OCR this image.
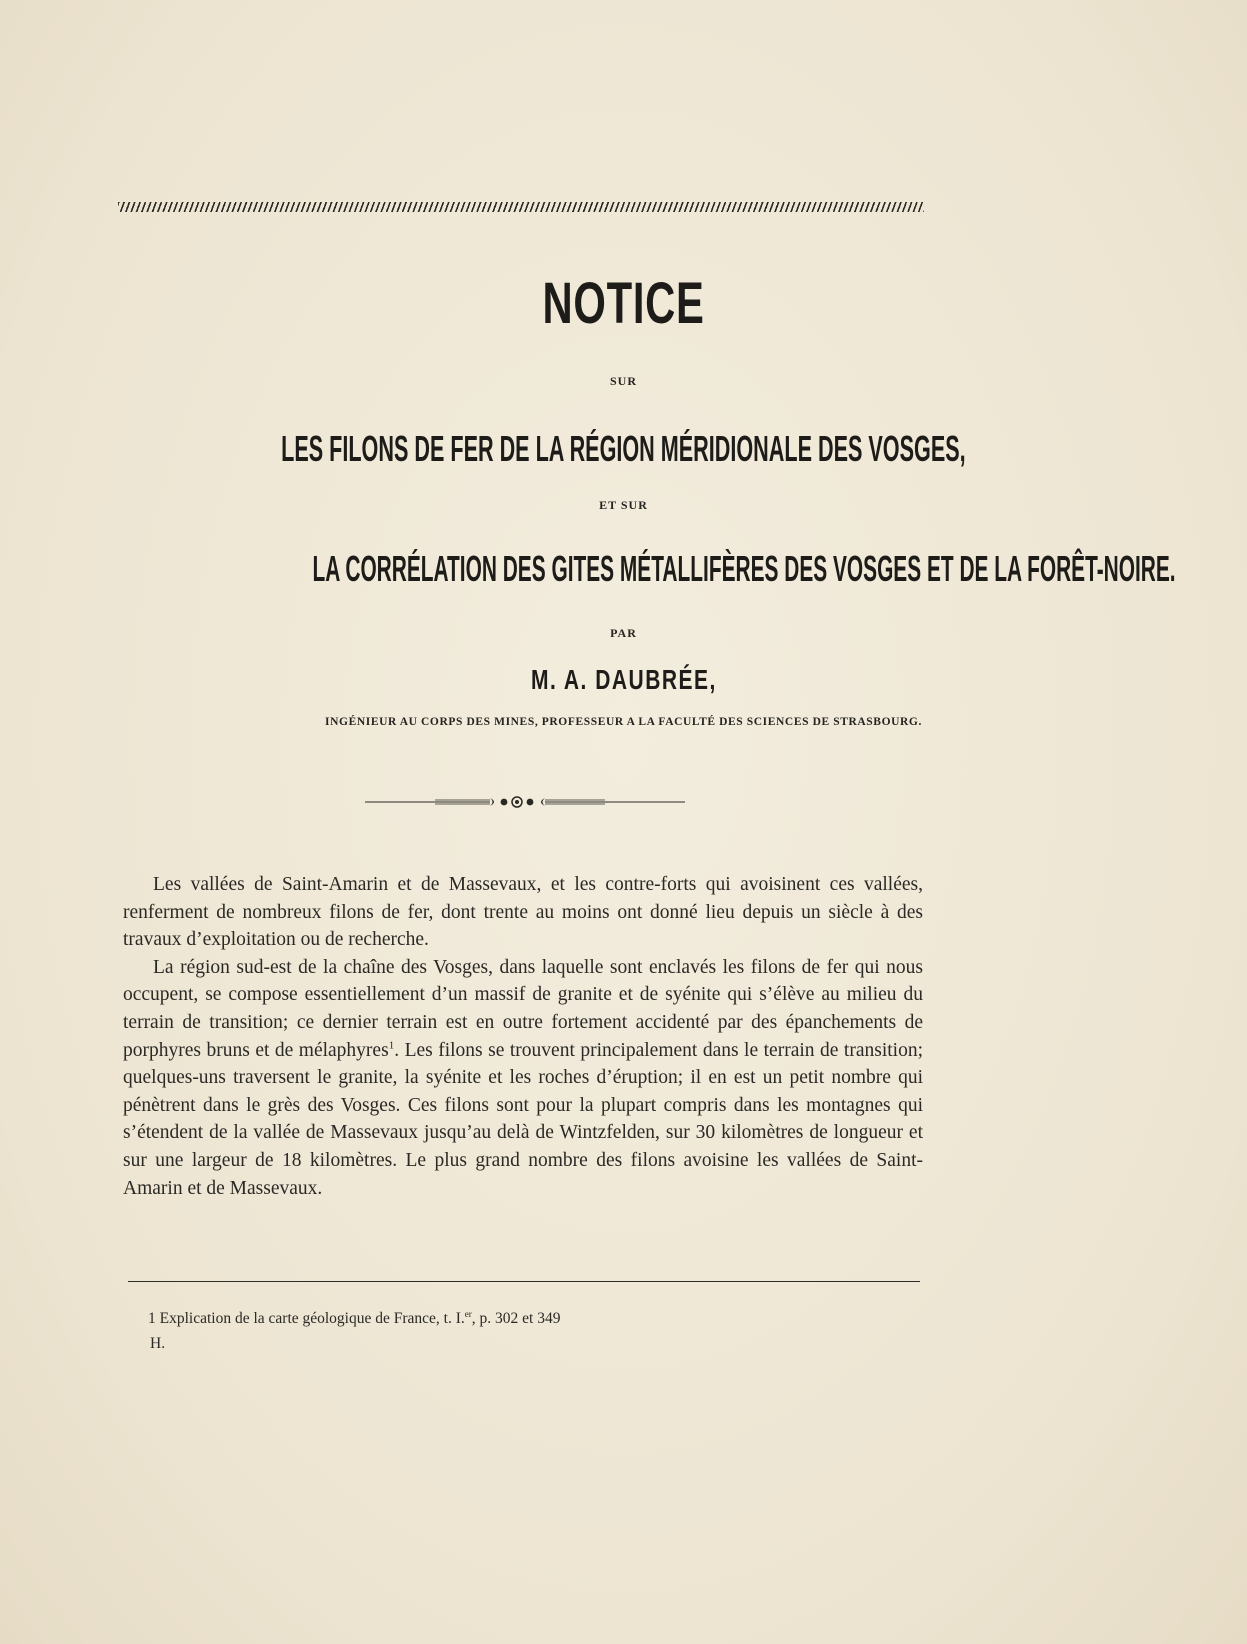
NOTICE
SUR
LES FILONS DE FER DE LA RÉGION MÉRIDIONALE DES VOSGES,
ET SUR
LA CORRÉLATION DES GITES MÉTALLIFÈRES DES VOSGES ET DE LA FORÊT-NOIRE.
PAR
M. A. DAUBRÉE,
INGÉNIEUR AU CORPS DES MINES, PROFESSEUR A LA FACULTÉ DES SCIENCES DE STRASBOURG.

Les vallées de Saint-Amarin et de Massevaux, et les contre-forts qui avoisinent ces vallées, renferment de nombreux filons de fer, dont trente au moins ont donné lieu depuis un siècle à des travaux d’exploitation ou de recherche.

La région sud-est de la chaîne des Vosges, dans laquelle sont enclavés les filons de fer qui nous occupent, se compose essentiellement d’un massif de granite et de syénite qui s’élève au milieu du terrain de transition; ce dernier terrain est en outre fortement accidenté par des épanchements de porphyres bruns et de mélaphyres$^1$. Les filons se trouvent principalement dans le terrain de transition; quelques-uns traversent le granite, la syénite et les roches d’éruption; il en est un petit nombre qui pénètrent dans le grès des Vosges. Ces filons sont pour la plupart compris dans les montagnes qui s’étendent de la vallée de Massevaux jusqu’au delà de Wintzfelden, sur 30 kilomètres de longueur et sur une largeur de 18 kilomètres. Le plus grand nombre des filons avoisine les vallées de Saint-Amarin et de Massevaux.

1 Explication de la carte géologique de France, t. I.$^{er}$, p. 302 et 349
H.
